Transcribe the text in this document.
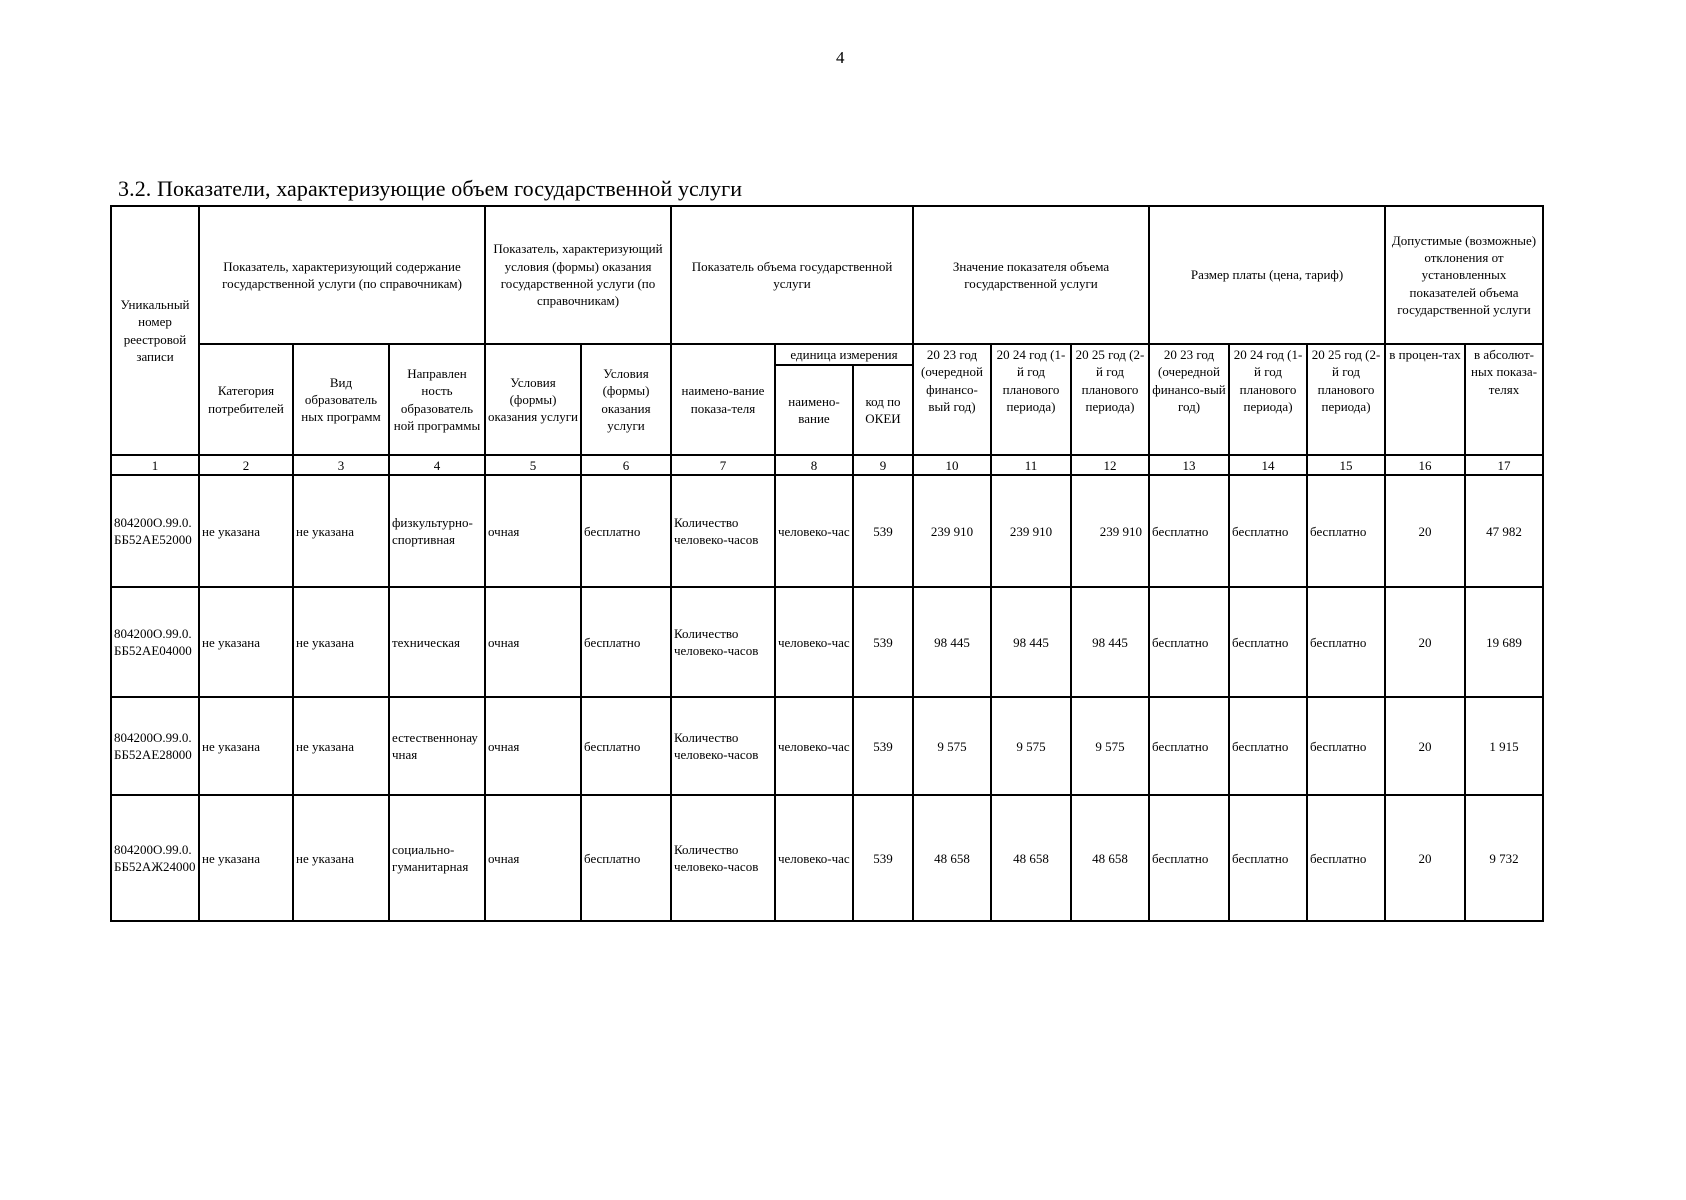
4
3.2. Показатели, характеризующие объем государственной услуги
Уникальный номер реестровой записи	Показатель, характеризующий содержание государственной услуги (по справочникам)			Показатель, характеризующий условия (формы) оказания государственной услуги (по справочникам)		Показатель объема государственной услуги			Значение показателя объема государственной услуги			Размер платы (цена, тариф)			Допустимые (возможные) отклонения от установленных показателей объема государственной услуги	
	Категория потребителей	Вид образователь ных программ	Направлен ность образователь ной программы	Условия (формы) оказания услуги	Условия (формы) оказания услуги	наимено-вание показа-теля	единица измерения		20 23 год (очередной финансо-вый год)	20 24 год (1-й год планового периода)	20 25 год (2-й год планового периода)	20 23 год (очередной финансо-вый год)	20 24 год (1-й год планового периода)	20 25 год (2-й год планового периода)	в процен-тах	в абсолют-ных показа-телях
							наимено-вание	код по ОКЕИ								
1	2	3	4	5	6	7	8	9	10	11	12	13	14	15	16	17
804200О.99.0.ББ52АЕ52000	не указана	не указана	физкультурно-спортивная	очная	бесплатно	Количество человеко-часов	человеко-час	539	239 910	239 910	239 910	бесплатно	бесплатно	бесплатно	20	47 982
804200О.99.0.ББ52АЕ04000	не указана	не указана	техническая	очная	бесплатно	Количество человеко-часов	человеко-час	539	98 445	98 445	98 445	бесплатно	бесплатно	бесплатно	20	19 689
804200О.99.0.ББ52АЕ28000	не указана	не указана	естественнонаучная	очная	бесплатно	Количество человеко-часов	человеко-час	539	9 575	9 575	9 575	бесплатно	бесплатно	бесплатно	20	1 915
804200О.99.0.ББ52АЖ24000	не указана	не указана	социально-гуманитарная	очная	бесплатно	Количество человеко-часов	человеко-час	539	48 658	48 658	48 658	бесплатно	бесплатно	бесплатно	20	9 732
